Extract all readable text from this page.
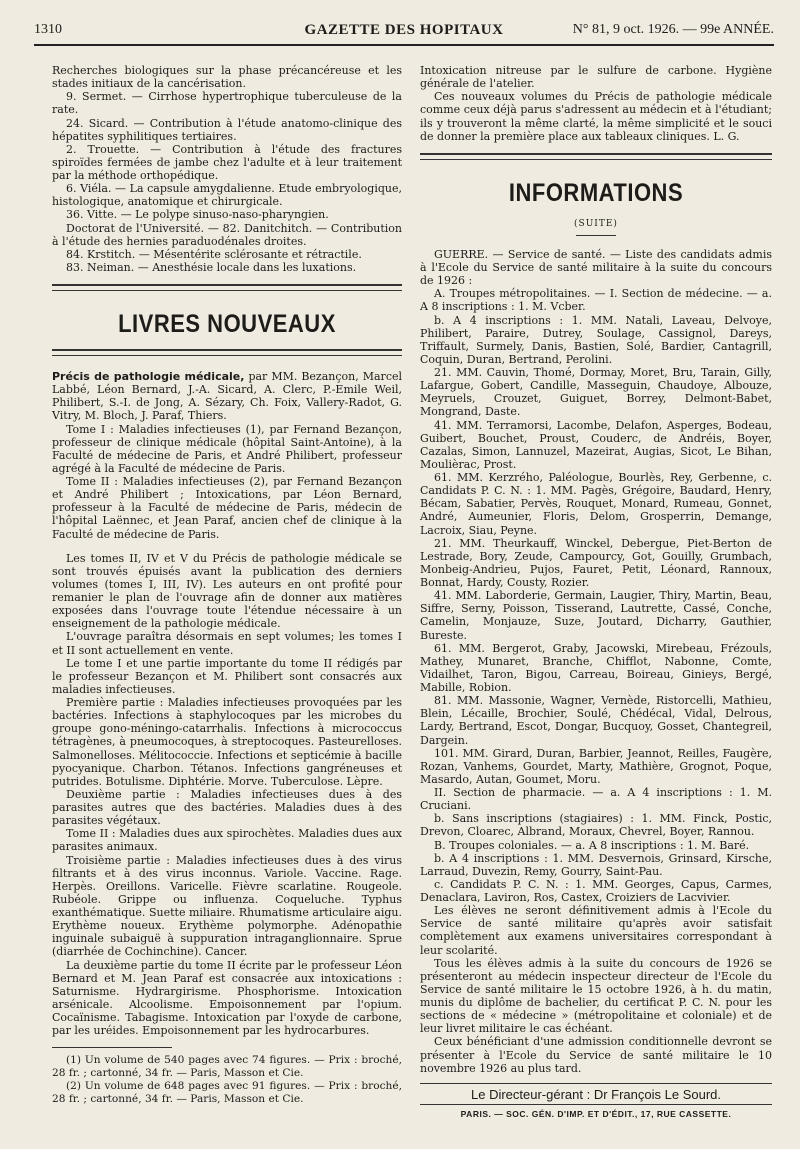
1310	GAZETTE DES HOPITAUX	N° 81, 9 oct. 1926. — 99e ANNÉE.

Recherches biologiques sur la phase précancéreuse et les stades initiaux de la cancérisation.

9. Sermet. — Cirrhose hypertrophique tuberculeuse de la rate.

24. Sicard. — Contribution à l'étude anatomo-clinique des hépatites syphilitiques tertiaires.

2. Trouette. — Contribution à l'étude des fractures spiroïdes fermées de jambe chez l'adulte et à leur traitement par la méthode orthopédique.

6. Viéla. — La capsule amygdalienne. Etude embryologique, histologique, anatomique et chirurgicale.

36. Vitte. — Le polype sinuso-naso-pharyngien.

Doctorat de l'Université. — 82. Danitchitch. — Contribution à l'étude des hernies paraduodénales droites.

84. Krstitch. — Mésentérite sclérosante et rétractile.

83. Neiman. — Anesthésie locale dans les luxations.

LIVRES NOUVEAUX

Précis de pathologie médicale, par MM. Bezançon, Marcel Labbé, Léon Bernard, J.-A. Sicard, A. Clerc, P.-Emile Weil, Philibert, S.-I. de Jong, A. Sézary, Ch. Foix, Vallery-Radot, G. Vitry, M. Bloch, J. Paraf, Thiers.

Tome I : Maladies infectieuses (1), par Fernand Bezançon, professeur de clinique médicale (hôpital Saint-Antoine), à la Faculté de médecine de Paris, et André Philibert, professeur agrégé à la Faculté de médecine de Paris.

Tome II : Maladies infectieuses (2), par Fernand Bezançon et André Philibert ; Intoxications, par Léon Bernard, professeur à la Faculté de médecine de Paris, médecin de l'hôpital Laënnec, et Jean Paraf, ancien chef de clinique à la Faculté de médecine de Paris.

Les tomes II, IV et V du Précis de pathologie médicale se sont trouvés épuisés avant la publication des derniers volumes (tomes I, III, IV). Les auteurs en ont profité pour remanier le plan de l'ouvrage afin de donner aux matières exposées dans l'ouvrage toute l'étendue nécessaire à un enseignement de la pathologie médicale.

L'ouvrage paraîtra désormais en sept volumes; les tomes I et II sont actuellement en vente.

Le tome I et une partie importante du tome II rédigés par le professeur Bezançon et M. Philibert sont consacrés aux maladies infectieuses.

Première partie : Maladies infectieuses provoquées par les bactéries. Infections à staphylocoques par les microbes du groupe gono-méningo-catarrhalis. Infections à micrococcus tétragènes, à pneumocoques, à streptocoques. Pasteurelloses. Salmonelloses. Mélitococcie. Infections et septicémie à bacille pyocyanique. Charbon. Tétanos. Infections gangréneuses et putrides. Botulisme. Diphtérie. Morve. Tuberculose. Lèpre.

Deuxième partie : Maladies infectieuses dues à des parasites autres que des bactéries. Maladies dues à des parasites végétaux.

Tome II : Maladies dues aux spirochètes. Maladies dues aux parasites animaux.

Troisième partie : Maladies infectieuses dues à des virus filtrants et à des virus inconnus. Variole. Vaccine. Rage. Herpès. Oreillons. Varicelle. Fièvre scarlatine. Rougeole. Rubéole. Grippe ou influenza. Coqueluche. Typhus exanthématique. Suette miliaire. Rhumatisme articulaire aigu. Erythème noueux. Erythème polymorphe. Adénopathie inguinale subaiguë à suppuration intraganglionnaire. Sprue (diarrhée de Cochinchine). Cancer.

La deuxième partie du tome II écrite par le professeur Léon Bernard et M. Jean Paraf est consacrée aux intoxications : Saturnisme. Hydrargirisme. Phosphorisme. Intoxication arsénicale. Alcoolisme. Empoisonnement par l'opium. Cocaïnisme. Tabagisme. Intoxication par l'oxyde de carbone, par les uréides. Empoisonnement par les hydrocarbures.

(1) Un volume de 540 pages avec 74 figures. — Prix : broché, 28 fr. ; cartonné, 34 fr. — Paris, Masson et Cie.

(2) Un volume de 648 pages avec 91 figures. — Prix : broché, 28 fr. ; cartonné, 34 fr. — Paris, Masson et Cie.

Intoxication nitreuse par le sulfure de carbone. Hygiène générale de l'atelier.

Ces nouveaux volumes du Précis de pathologie médicale comme ceux déjà parus s'adressent au médecin et à l'étudiant; ils y trouveront la même clarté, la même simplicité et le souci de donner la première place aux tableaux cliniques. L. G.

INFORMATIONS
(SUITE)

GUERRE. — Service de santé. — Liste des candidats admis à l'Ecole du Service de santé militaire à la suite du concours de 1926 :

A. Troupes métropolitaines. — I. Section de médecine. — a. A 8 inscriptions : 1. M. Vcber.

b. A 4 inscriptions : 1. MM. Natali, Laveau, Delvoye, Philibert, Paraire, Dutrey, Soulage, Cassignol, Dareys, Triffault, Surmely, Danis, Bastien, Solé, Bardier, Cantagrill, Coquin, Duran, Bertrand, Perolini.

21. MM. Cauvin, Thomé, Dormay, Moret, Bru, Tarain, Gilly, Lafargue, Gobert, Candille, Masseguin, Chaudoye, Albouze, Meyruels, Crouzet, Guiguet, Borrey, Delmont-Babet, Mongrand, Daste.

41. MM. Terramorsi, Lacombe, Delafon, Asperges, Bodeau, Guibert, Bouchet, Proust, Couderc, de Andréis, Boyer, Cazalas, Simon, Lannuzel, Mazeirat, Augias, Sicot, Le Bihan, Moulièrac, Prost.

61. MM. Kerzrého, Paléologue, Bourlès, Rey, Gerbenne, c. Candidats P. C. N. : 1. MM. Pagès, Grégoire, Baudard, Henry, Bécam, Sabatier, Pervès, Rouquet, Monard, Rumeau, Gonnet, André, Aumeunier, Floris, Delom, Grosperrin, Demange, Lacroix, Siau, Peyne.

21. MM. Theurkauff, Winckel, Debergue, Piet-Berton de Lestrade, Bory, Zeude, Campourcy, Got, Gouilly, Grumbach, Monbeig-Andrieu, Pujos, Fauret, Petit, Léonard, Rannoux, Bonnat, Hardy, Cousty, Rozier.

41. MM. Laborderie, Germain, Laugier, Thiry, Martin, Beau, Siffre, Serny, Poisson, Tisserand, Lautrette, Cassé, Conche, Camelin, Monjauze, Suze, Joutard, Dicharry, Gauthier, Bureste.

61. MM. Bergerot, Graby, Jacowski, Mirebeau, Frézouls, Mathey, Munaret, Branche, Chifflot, Nabonne, Comte, Vidailhet, Taron, Bigou, Carreau, Boireau, Ginieys, Bergé, Mabille, Robion.

81. MM. Massonie, Wagner, Vernède, Ristorcelli, Mathieu, Blein, Lécaille, Brochier, Soulé, Chédécal, Vidal, Delrous, Lardy, Bertrand, Escot, Dongar, Bucquoy, Gosset, Chantegreil, Dargein.

101. MM. Girard, Duran, Barbier, Jeannot, Reilles, Faugère, Rozan, Vanhems, Gourdet, Marty, Mathière, Grognot, Poque, Masardo, Autan, Goumet, Moru.

II. Section de pharmacie. — a. A 4 inscriptions : 1. M. Cruciani.

b. Sans inscriptions (stagiaires) : 1. MM. Finck, Postic, Drevon, Cloarec, Albrand, Moraux, Chevrel, Boyer, Rannou.

B. Troupes coloniales. — a. A 8 inscriptions : 1. M. Baré.

b. A 4 inscriptions : 1. MM. Desvernois, Grinsard, Kirsche, Larraud, Duvezin, Remy, Gourry, Saint-Pau.

c. Candidats P. C. N. : 1. MM. Georges, Capus, Carmes, Denaclara, Laviron, Ros, Castex, Croiziers de Lacvivier.

Les élèves ne seront définitivement admis à l'Ecole du Service de santé militaire qu'après avoir satisfait complètement aux examens universitaires correspondant à leur scolarité.

Tous les élèves admis à la suite du concours de 1926 se présenteront au médecin inspecteur directeur de l'Ecole du Service de santé militaire le 15 octobre 1926, à h. du matin, munis du diplôme de bachelier, du certificat P. C. N. pour les sections de « médecine » (métropolitaine et coloniale) et de leur livret militaire le cas échéant.

Ceux bénéficiant d'une admission conditionnelle devront se présenter à l'Ecole du Service de santé militaire le 10 novembre 1926 au plus tard.

Le Directeur-gérant : Dr François Le Sourd.
PARIS. — SOC. GÉN. D'IMP. ET D'ÉDIT., 17, RUE CASSETTE.
